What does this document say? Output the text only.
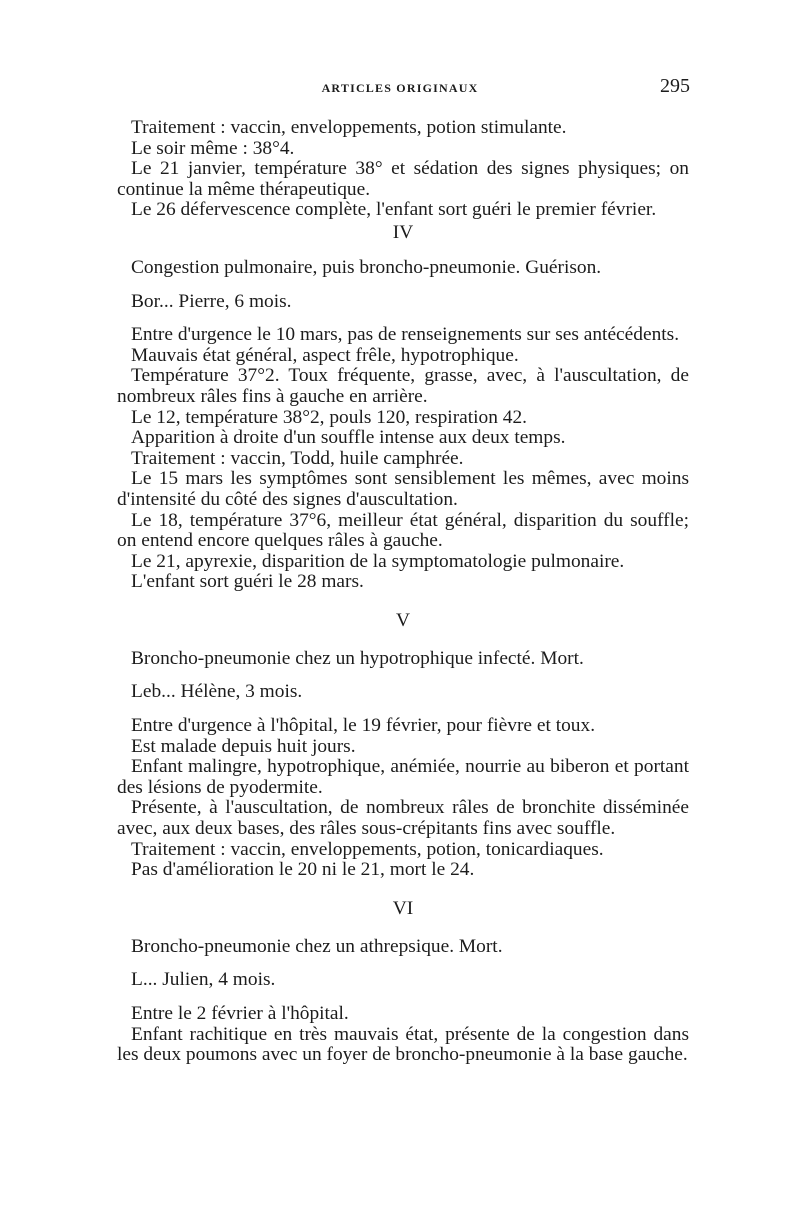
ARTICLES ORIGINAUX	295

Traitement : vaccin, enveloppements, potion stimulante.

Le soir même : 38°4.

Le 21 janvier, température 38° et sédation des signes physiques; on continue la même thérapeutique.

Le 26 défervescence complète, l'enfant sort guéri le premier février.

IV

Congestion pulmonaire, puis broncho-pneumonie. Guérison.

Bor... Pierre, 6 mois.

Entre d'urgence le 10 mars, pas de renseignements sur ses antécédents.

Mauvais état général, aspect frêle, hypotrophique.

Température 37°2. Toux fréquente, grasse, avec, à l'auscultation, de nombreux râles fins à gauche en arrière.

Le 12, température 38°2, pouls 120, respiration 42.

Apparition à droite d'un souffle intense aux deux temps.

Traitement : vaccin, Todd, huile camphrée.

Le 15 mars les symptômes sont sensiblement les mêmes, avec moins d'intensité du côté des signes d'auscultation.

Le 18, température 37°6, meilleur état général, disparition du souffle; on entend encore quelques râles à gauche.

Le 21, apyrexie, disparition de la symptomatologie pulmonaire.

L'enfant sort guéri le 28 mars.

V

Broncho-pneumonie chez un hypotrophique infecté. Mort.

Leb... Hélène, 3 mois.

Entre d'urgence à l'hôpital, le 19 février, pour fièvre et toux.

Est malade depuis huit jours.

Enfant malingre, hypotrophique, anémiée, nourrie au biberon et portant des lésions de pyodermite.

Présente, à l'auscultation, de nombreux râles de bronchite disséminée avec, aux deux bases, des râles sous-crépitants fins avec souffle.

Traitement : vaccin, enveloppements, potion, tonicardiaques.

Pas d'amélioration le 20 ni le 21, mort le 24.

VI

Broncho-pneumonie chez un athrepsique. Mort.

L... Julien, 4 mois.

Entre le 2 février à l'hôpital.

Enfant rachitique en très mauvais état, présente de la congestion dans les deux poumons avec un foyer de broncho-pneumonie à la base gauche.
